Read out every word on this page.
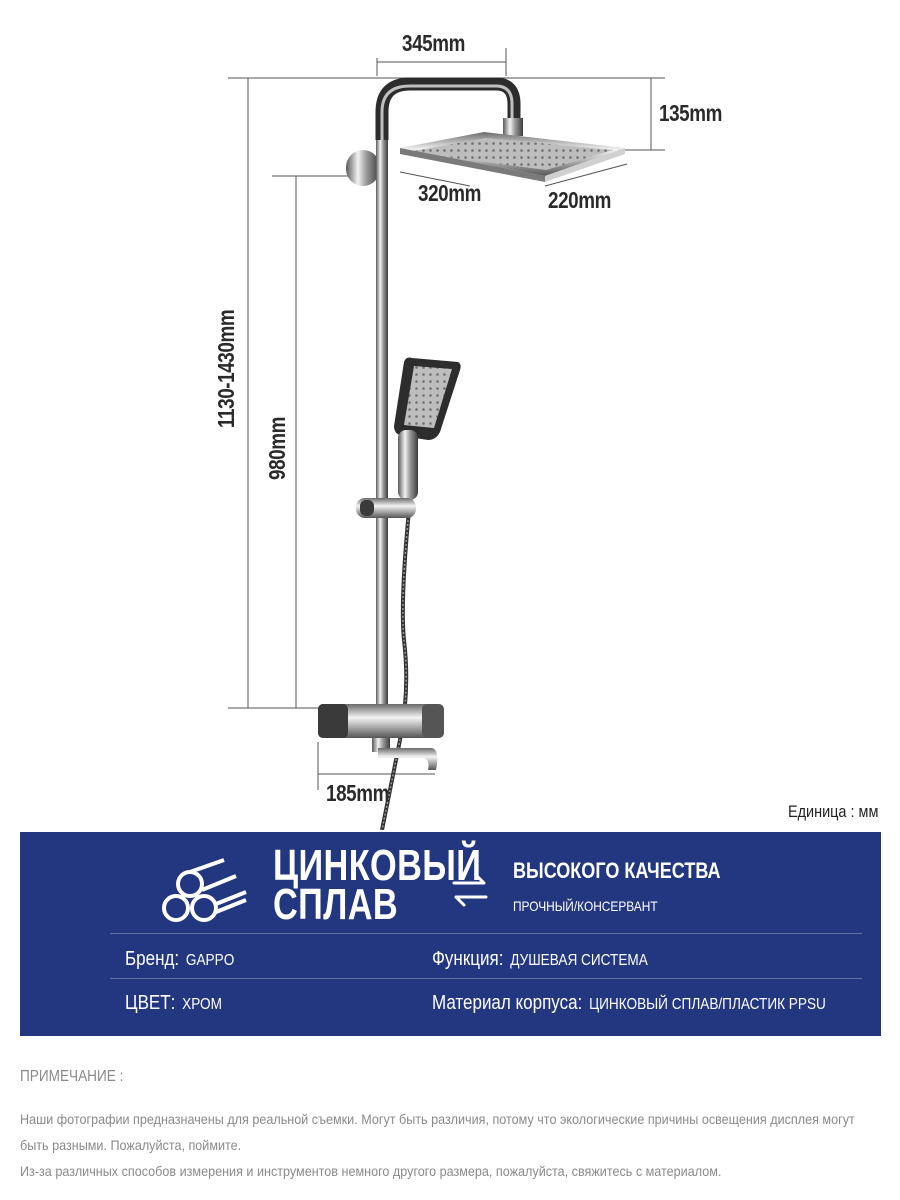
345mm
135mm
320mm	220mm
1130-1430mm
980mm
185mm
Единица : мм
ЦИНКОВЫЙ
СПЛАВ
ВЫСОКОГО КАЧЕСТВА
ПРОЧНЫЙ/КОНСЕРВАНТ
Бренд: GAPPO	Функция: ДУШЕВАЯ СИСТЕМА
ЦВЕТ: ХРОМ	Материал корпуса: ЦИНКОВЫЙ СПЛАВ/ПЛАСТИК PPSU
ПРИМЕЧАНИЕ :
Наши фотографии предназначены для реальной съемки. Могут быть различия, потому что экологические причины освещения дисплея могут
быть разными. Пожалуйста, поймите.
Из-за различных способов измерения и инструментов немного другого размера, пожалуйста, свяжитесь с материалом.
